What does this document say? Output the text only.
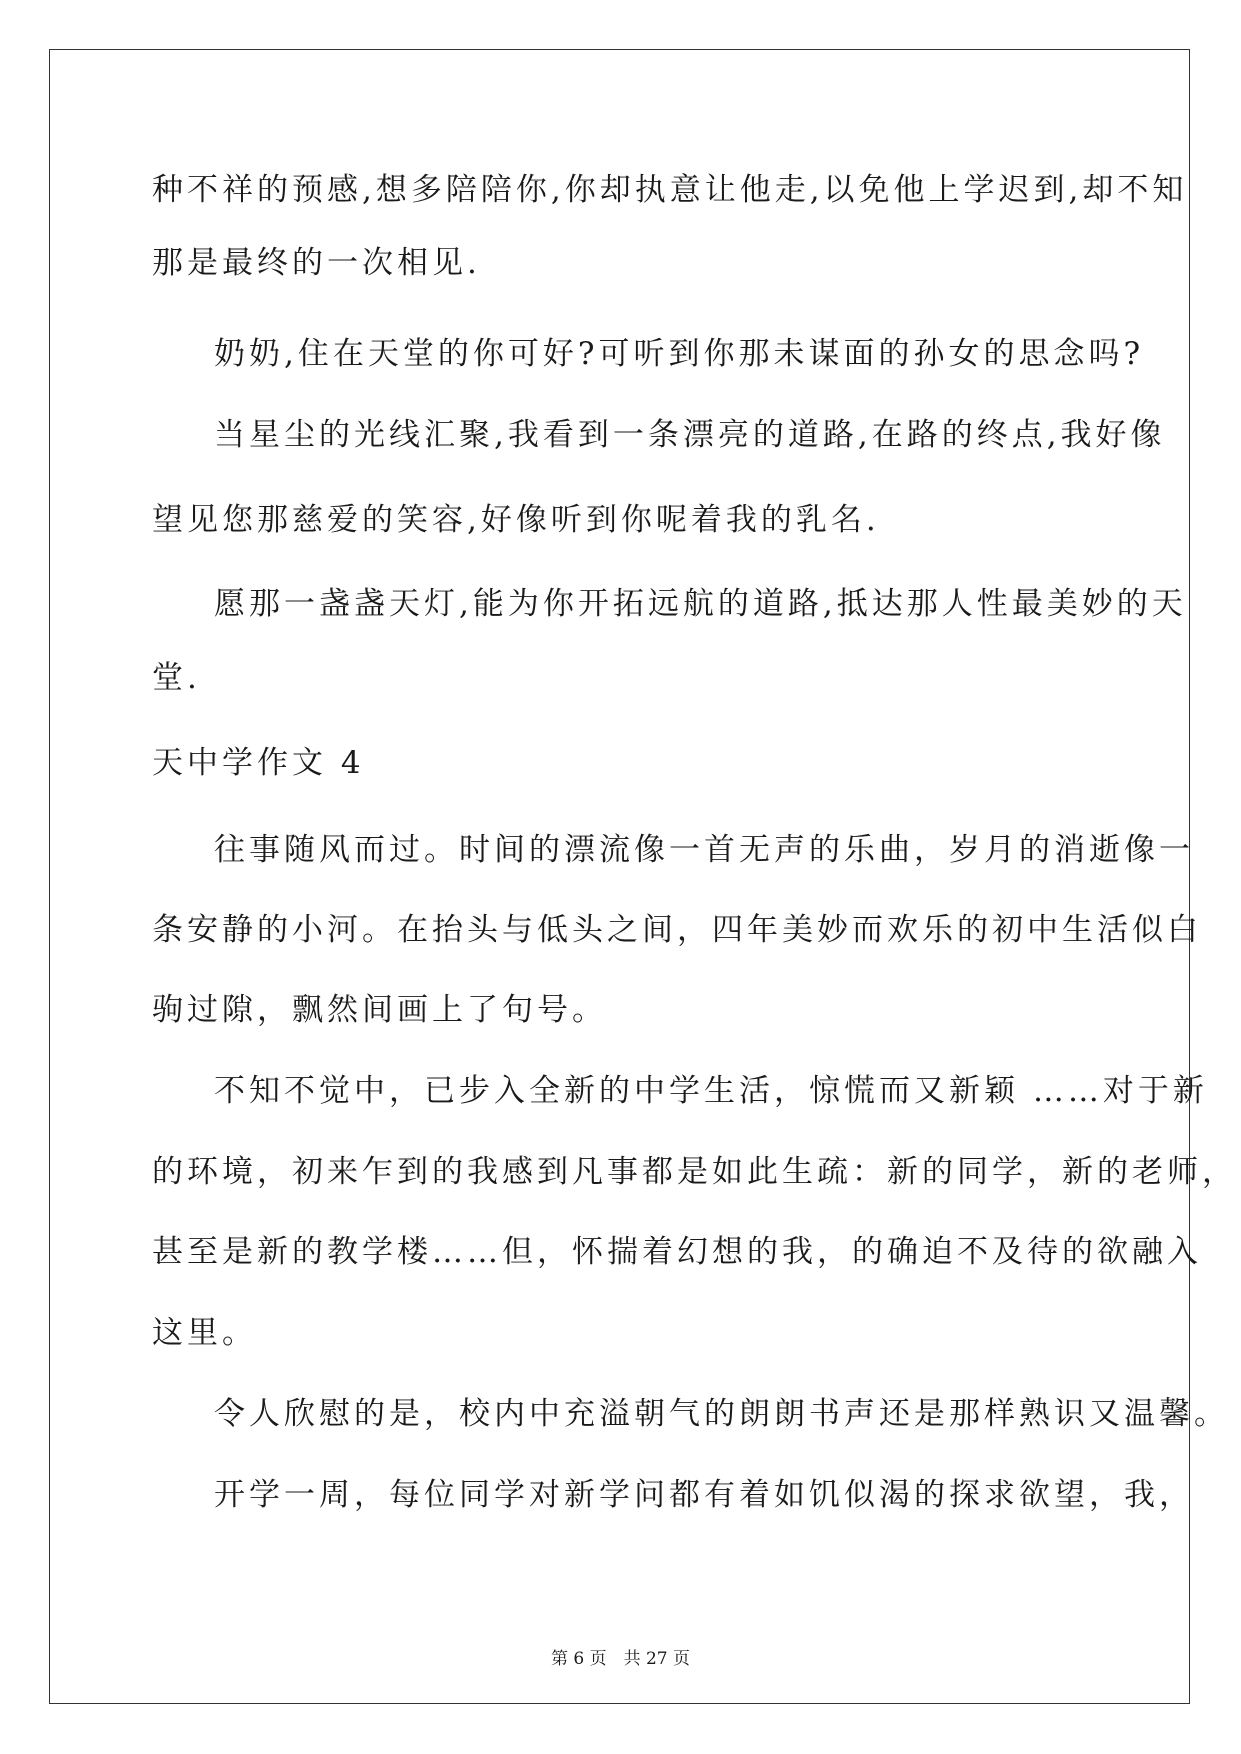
种不祥的预感,想多陪陪你,你却执意让他走,以免他上学迟到,却不知

那是最终的一次相见.

奶奶,住在天堂的你可好?可听到你那未谋面的孙女的思念吗?

当星尘的光线汇聚,我看到一条漂亮的道路,在路的终点,我好像

望见您那慈爱的笑容,好像听到你呢着我的乳名.

愿那一盏盏天灯,能为你开拓远航的道路,抵达那人性最美妙的天

堂.

天中学作文 4

往事随风而过。时间的漂流像一首无声的乐曲，岁月的消逝像一

条安静的小河。在抬头与低头之间，四年美妙而欢乐的初中生活似白

驹过隙，飘然间画上了句号。

不知不觉中，已步入全新的中学生活，惊慌而又新颖 ……对于新

的环境，初来乍到的我感到凡事都是如此生疏：新的同学，新的老师，

甚至是新的教学楼……但，怀揣着幻想的我，的确迫不及待的欲融入

这里。

令人欣慰的是，校内中充溢朝气的朗朗书声还是那样熟识又温馨。

开学一周，每位同学对新学问都有着如饥似渴的探求欲望，我，

第 6 页　共 27 页
